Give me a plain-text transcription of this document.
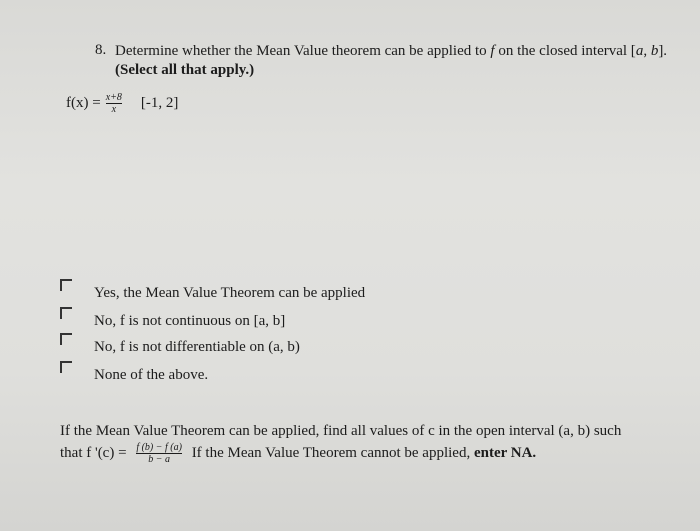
8. Determine whether the Mean Value theorem can be applied to f on the closed interval [a, b]. (Select all that apply.)
$f(x) = \frac{x+8}{x} [-1$, 2]
Yes, the Mean Value Theorem can be applied
No, f is not continuous on [a, b]
No, f is not differentiable on (a, b)
None of the above.
If the Mean Value Theorem can be applied, find all values of c in the open interval (a, b) such
that f '$(c) = \frac{f (b) - f (a)}{b - a}$ If the Mean Value Theorem cannot be applied, enter NA.
